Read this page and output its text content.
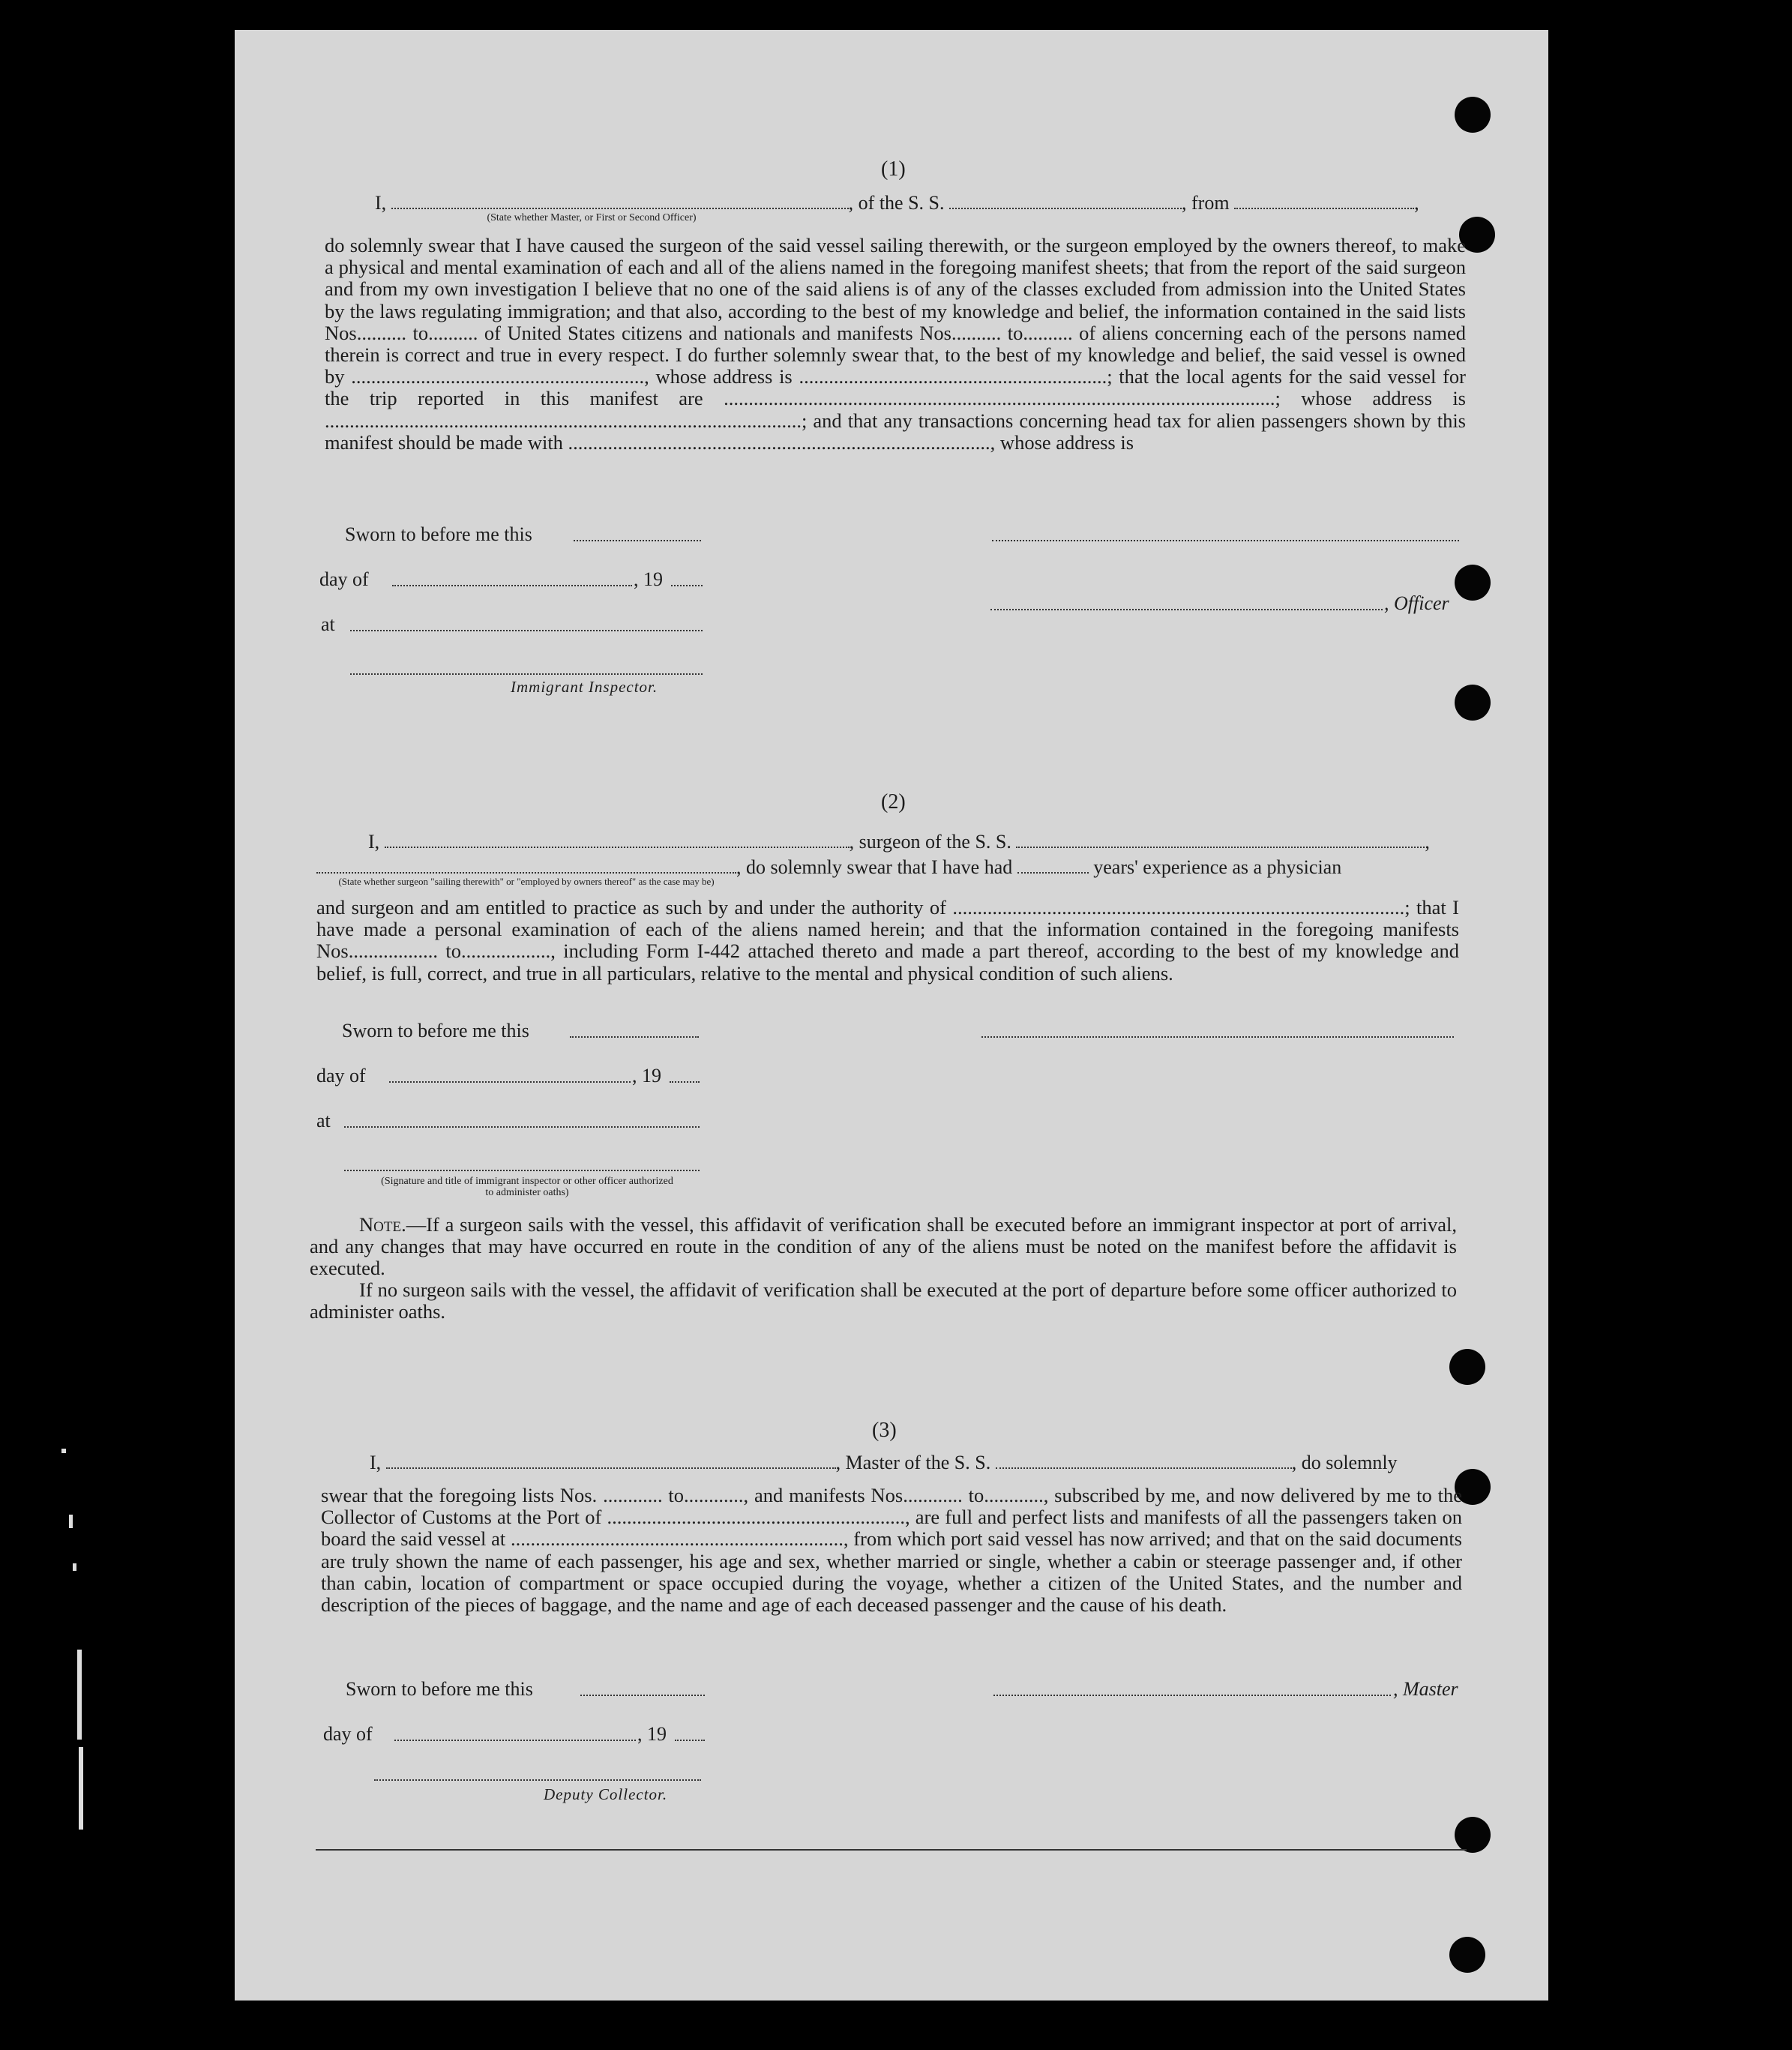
(1)
I,	, of the S. S.	, from	,
(State whether Master, or First or Second Officer)
do solemnly swear that I have caused the surgeon of the said vessel sailing therewith, or the surgeon employed by the owners thereof, to make a physical and mental examination of each and all of the aliens named in the foregoing manifest sheets; that from the report of the said surgeon and from my own investigation I believe that no one of the said aliens is of any of the classes excluded from admission into the United States by the laws regulating immigration; and that also, according to the best of my knowledge and belief, the information contained in the said lists Nos.......... to.......... of United States citizens and nationals and manifests Nos.......... to.......... of aliens concerning each of the persons named therein is correct and true in every respect. I do further solemnly swear that, to the best of my knowledge and belief, the said vessel is owned by ..........................................................., whose address is ..............................................................; that the local agents for the said vessel for the trip reported in this manifest are ...............................................................................................................; whose address is ................................................................................................; and that any transactions concerning head tax for alien passengers shown by this manifest should be made with ....................................................................................., whose address is
Sworn to before me this
day of	, 19
, Officer
at
Immigrant Inspector.
(2)
I,	, surgeon of the S. S.	,
, do solemnly swear that I have had	years' experience as a physician
(State whether surgeon "sailing therewith" or "employed by owners thereof" as the case may be)
and surgeon and am entitled to practice as such by and under the authority of ...........................................................................................; that I have made a personal examination of each of the aliens named herein; and that the information contained in the foregoing manifests Nos.................. to.................., including Form I-442 attached thereto and made a part thereof, according to the best of my knowledge and belief, is full, correct, and true in all particulars, relative to the mental and physical condition of such aliens.
Sworn to before me this
day of	, 19
at
(Signature and title of immigrant inspector or other officer authorized to administer oaths)
Note.—If a surgeon sails with the vessel, this affidavit of verification shall be executed before an immigrant inspector at port of arrival, and any changes that may have occurred en route in the condition of any of the aliens must be noted on the manifest before the affidavit is executed.
If no surgeon sails with the vessel, the affidavit of verification shall be executed at the port of departure before some officer authorized to administer oaths.
(3)
I,	, Master of the S. S.	, do solemnly
swear that the foregoing lists Nos. ............ to............, and manifests Nos............ to............, subscribed by me, and now delivered by me to the Collector of Customs at the Port of ............................................................, are full and perfect lists and manifests of all the passengers taken on board the said vessel at ..................................................................., from which port said vessel has now arrived; and that on the said documents are truly shown the name of each passenger, his age and sex, whether married or single, whether a cabin or steerage passenger and, if other than cabin, location of compartment or space occupied during the voyage, whether a citizen of the United States, and the number and description of the pieces of baggage, and the name and age of each deceased passenger and the cause of his death.
Sworn to before me this	, Master
day of	, 19
Deputy Collector.
